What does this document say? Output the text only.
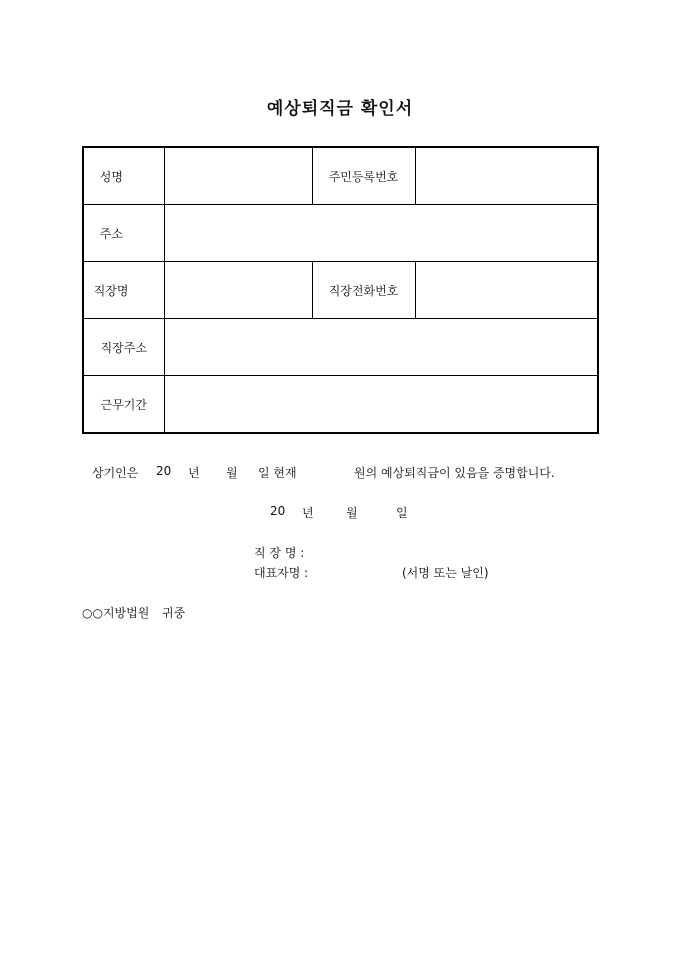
예상퇴직금 확인서
성명		주민등록번호	
주소			
직장명		직장전화번호	
직장주소			
근무기간			
상기인은 20 년 월 일 현재	원의 예상퇴직금이 있음을 증명합니다.
20 년	월	일
직 장 명 :
대표자명 :	(서명 또는 날인)
○○지방법원 귀중
